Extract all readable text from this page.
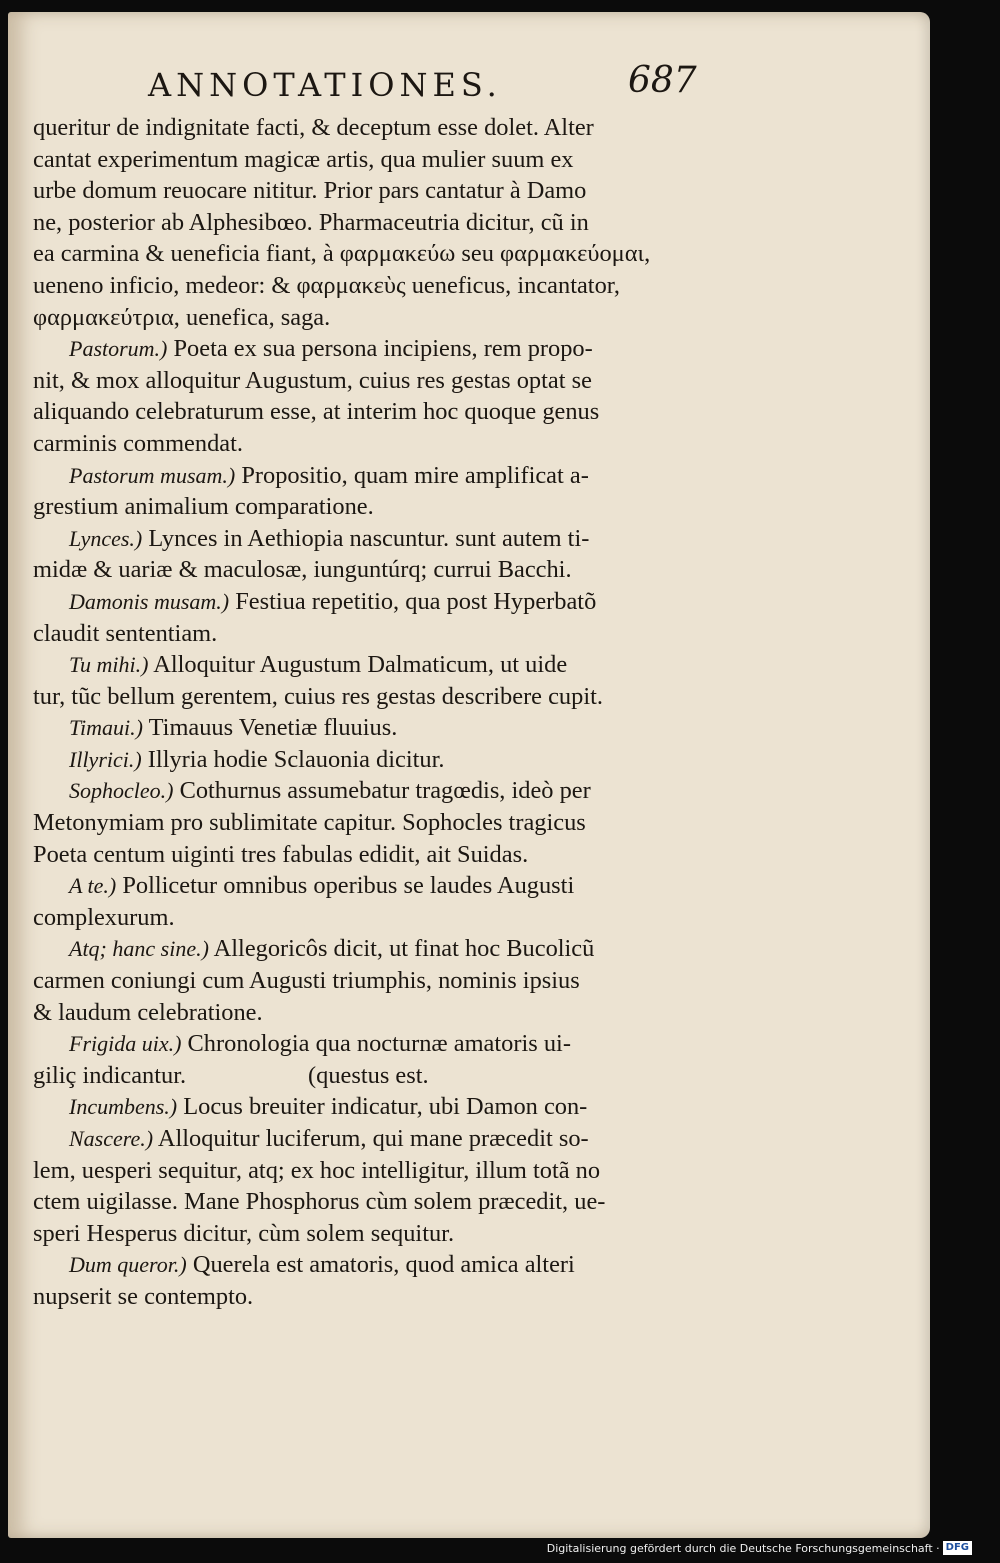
ANNOTATIONES.	687
queritur de indignitate facti, & deceptum esse dolet. Alter
cantat experimentum magicæ artis, qua mulier suum ex
urbe domum reuocare nititur. Prior pars cantatur à Damo
ne, posterior ab Alphesibœo. Pharmaceutria dicitur, cũ in
ea carmina & ueneficia fiant, à φαρμακεύω seu φαρμακεύομαι,
ueneno inficio, medeor: & φαρμακεὺς ueneficus, incantator,
φαρμακεύτρια, uenefica, saga.
Pastorum.) Poeta ex sua persona incipiens, rem propo-
nit, & mox alloquitur Augustum, cuius res gestas optat se
aliquando celebraturum esse, at interim hoc quoque genus
carminis commendat.
Pastorum musam.) Propositio, quam mire amplificat a-
grestium animalium comparatione.
Lynces.) Lynces in Aethiopia nascuntur. sunt autem ti-
midæ & uariæ & maculosæ, iunguntúrq; currui Bacchi.
Damonis musam.) Festiua repetitio, qua post Hyperbatõ
claudit sententiam.
Tu mihi.) Alloquitur Augustum Dalmaticum, ut uide
tur, tũc bellum gerentem, cuius res gestas describere cupit.
Timaui.) Timauus Venetiæ fluuius.
Illyrici.) Illyria hodie Sclauonia dicitur.
Sophocleo.) Cothurnus assumebatur tragœdis, ideò per
Metonymiam pro sublimitate capitur. Sophocles tragicus
Poeta centum uiginti tres fabulas edidit, ait Suidas.
A te.) Pollicetur omnibus operibus se laudes Augusti
complexurum.
Atq; hanc sine.) Allegoricôs dicit, ut finat hoc Bucolicũ
carmen coniungi cum Augusti triumphis, nominis ipsius
& laudum celebratione.
Frigida uix.) Chronologia qua nocturnæ amatoris ui-
giliç indicantur.                    (questus est.
Incumbens.) Locus breuiter indicatur, ubi Damon con-
Nascere.) Alloquitur luciferum, qui mane præcedit so-
lem, uesperi sequitur, atq; ex hoc intelligitur, illum totã no
ctem uigilasse. Mane Phosphorus cùm solem præcedit, ue-
speri Hesperus dicitur, cùm solem sequitur.
Dum queror.) Querela est amatoris, quod amica alteri
nupserit se contempto.
Digitalisierung gefördert durch die Deutsche Forschungsgemeinschaft · DFG
